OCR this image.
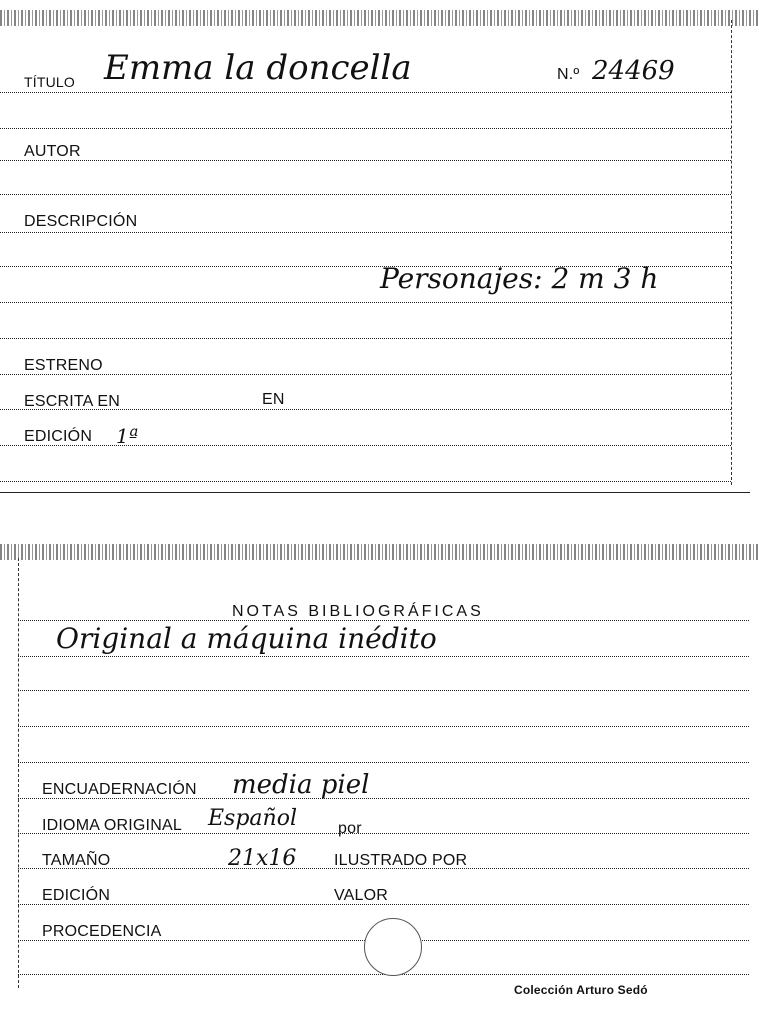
TÍTULO Emma la doncella	N.º 24469
AUTOR
DESCRIPCIÓN
Personajes: 2 m 3 h
ESTRENO
ESCRITA EN	EN
EDICIÓN 1ª
NOTAS BIBLIOGRÁFICAS
Original a máquina inédito
ENCUADERNACIÓN media piel
IDIOMA ORIGINAL Español	por
TAMAÑO	21x16 ILUSTRADO POR
EDICIÓN	VALOR
PROCEDENCIA
Colección Arturo Sedó
